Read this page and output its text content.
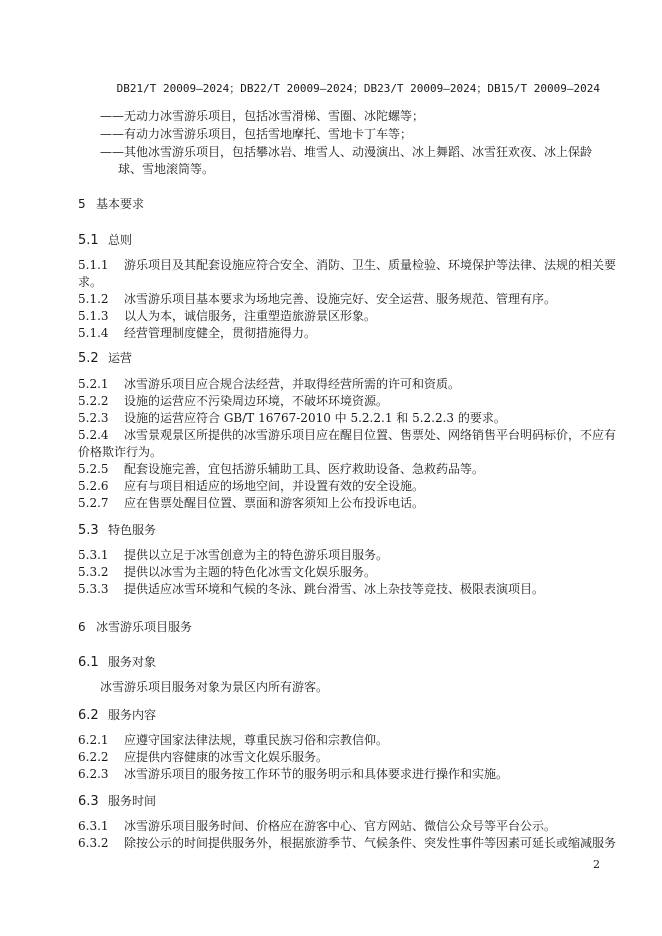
DB21/T 20009—2024；DB22/T 20009—2024；DB23/T 20009—2024；DB15/T 20009—2024
——无动力冰雪游乐项目，包括冰雪滑梯、雪圈、冰陀螺等；
——有动力冰雪游乐项目，包括雪地摩托、雪地卡丁车等；
——其他冰雪游乐项目，包括攀冰岩、堆雪人、动漫演出、冰上舞蹈、冰雪狂欢夜、冰上保龄
球、雪地滚筒等。
5 基本要求
5.1 总则
5.1.1 游乐项目及其配套设施应符合安全、消防、卫生、质量检验、环境保护等法律、法规的相关要
求。
5.1.2 冰雪游乐项目基本要求为场地完善、设施完好、安全运营、服务规范、管理有序。
5.1.3 以人为本，诚信服务，注重塑造旅游景区形象。
5.1.4 经营管理制度健全，贯彻措施得力。
5.2 运营
5.2.1 冰雪游乐项目应合规合法经营，并取得经营所需的许可和资质。
5.2.2 设施的运营应不污染周边环境，不破坏环境资源。
5.2.3 设施的运营应符合 GB/T 16767-2010 中 5.2.2.1 和 5.2.2.3 的要求。
5.2.4 冰雪景观景区所提供的冰雪游乐项目应在醒目位置、售票处、网络销售平台明码标价，不应有
价格欺诈行为。
5.2.5 配套设施完善，宜包括游乐辅助工具、医疗救助设备、急救药品等。
5.2.6 应有与项目相适应的场地空间，并设置有效的安全设施。
5.2.7 应在售票处醒目位置、票面和游客须知上公布投诉电话。
5.3 特色服务
5.3.1 提供以立足于冰雪创意为主的特色游乐项目服务。
5.3.2 提供以冰雪为主题的特色化冰雪文化娱乐服务。
5.3.3 提供适应冰雪环境和气候的冬泳、跳台滑雪、冰上杂技等竞技、极限表演项目。
6 冰雪游乐项目服务
6.1 服务对象
冰雪游乐项目服务对象为景区内所有游客。
6.2 服务内容
6.2.1 应遵守国家法律法规，尊重民族习俗和宗教信仰。
6.2.2 应提供内容健康的冰雪文化娱乐服务。
6.2.3 冰雪游乐项目的服务按工作环节的服务明示和具体要求进行操作和实施。
6.3 服务时间
6.3.1 冰雪游乐项目服务时间、价格应在游客中心、官方网站、微信公众号等平台公示。
6.3.2 除按公示的时间提供服务外，根据旅游季节、气候条件、突发性事件等因素可延长或缩减服务
2
